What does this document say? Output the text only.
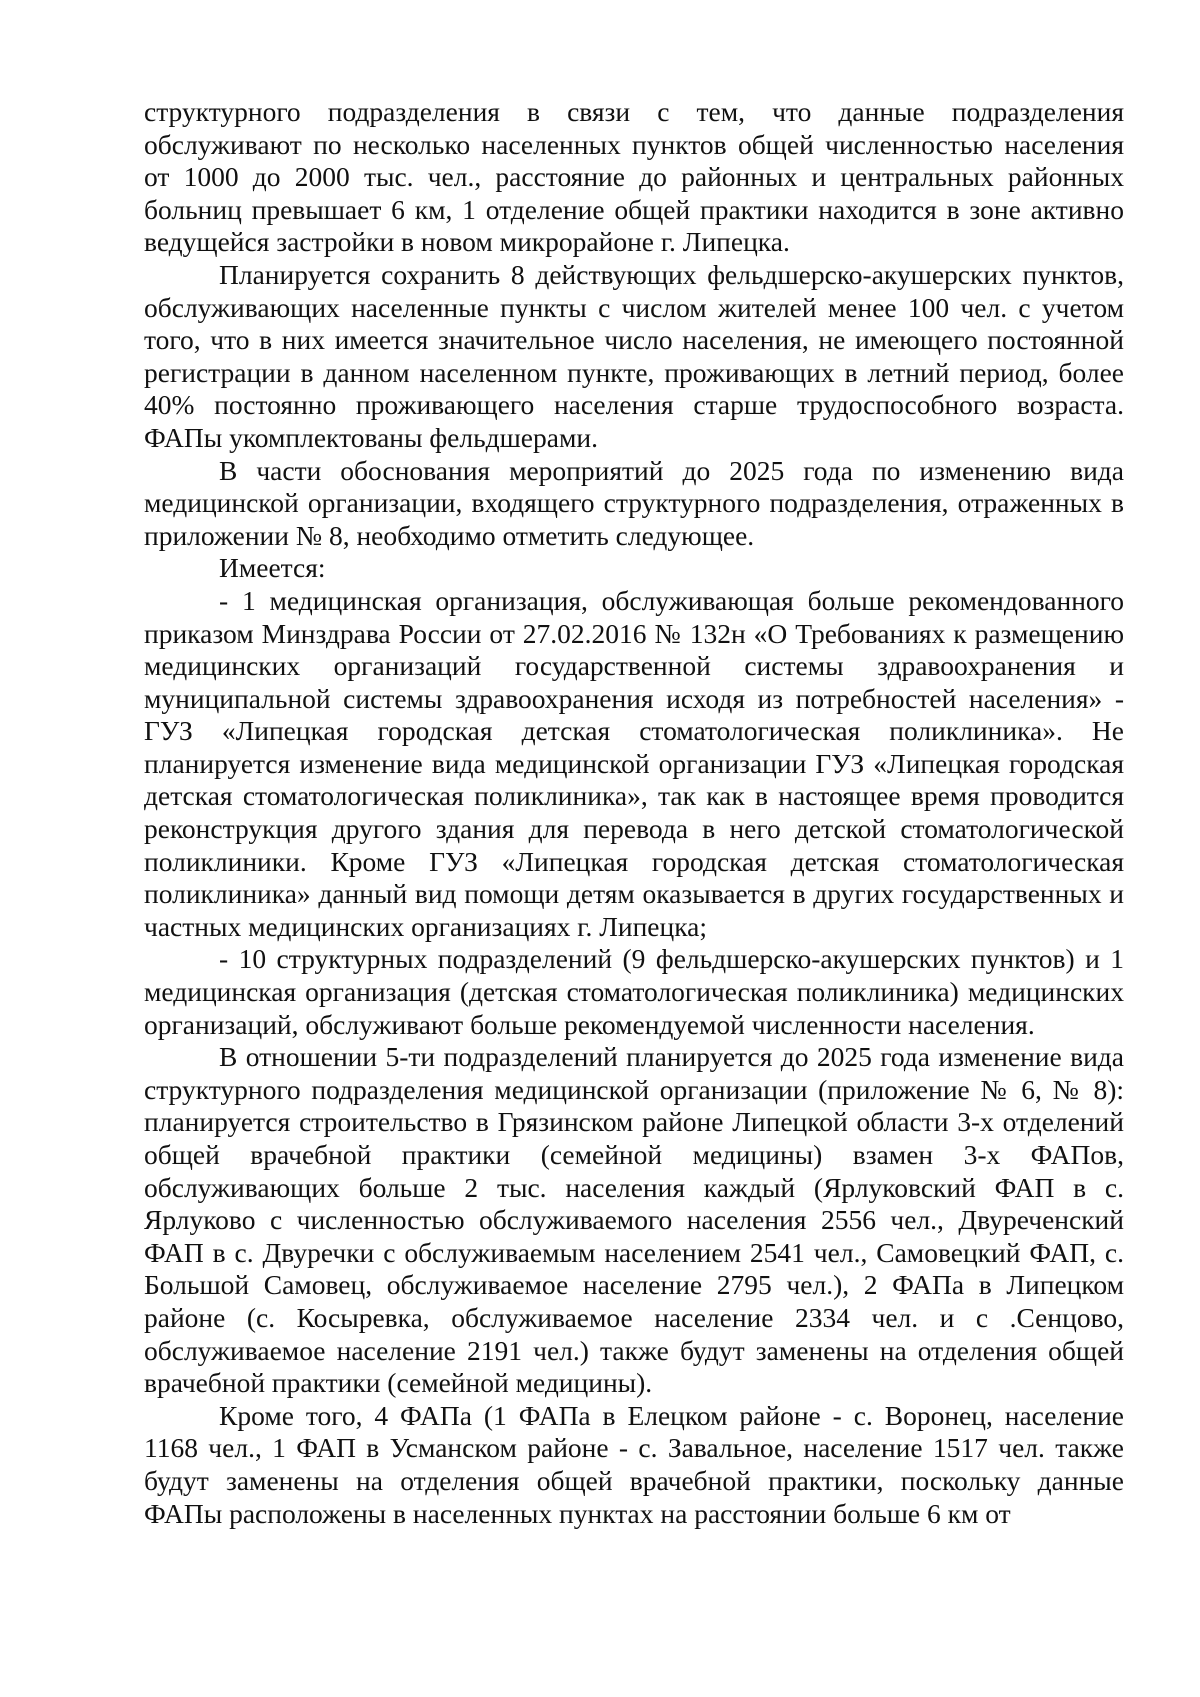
структурного подразделения в связи с тем, что данные подразделения обслуживают по несколько населенных пунктов общей численностью населения от 1000 до 2000 тыс. чел., расстояние до районных и центральных районных больниц превышает 6 км, 1 отделение общей практики находится в зоне активно ведущейся застройки в новом микрорайоне г. Липецка.

Планируется сохранить 8 действующих фельдшерско-акушерских пунктов, обслуживающих населенные пункты с числом жителей менее 100 чел. с учетом того, что в них имеется значительное число населения, не имеющего постоянной регистрации в данном населенном пункте, проживающих в летний период, более 40% постоянно проживающего населения старше трудоспособного возраста. ФАПы укомплектованы фельдшерами.

В части обоснования мероприятий до 2025 года по изменению вида медицинской организации, входящего структурного подразделения, отраженных в приложении № 8, необходимо отметить следующее.

Имеется:

- 1 медицинская организация, обслуживающая больше рекомендованного приказом Минздрава России от 27.02.2016 № 132н «О Требованиях к размещению медицинских организаций государственной системы здравоохранения и муниципальной системы здравоохранения исходя из потребностей населения» - ГУЗ «Липецкая городская детская стоматологическая поликлиника». Не планируется изменение вида медицинской организации ГУЗ «Липецкая городская детская стоматологическая поликлиника», так как в настоящее время проводится реконструкция другого здания для перевода в него детской стоматологической поликлиники. Кроме ГУЗ «Липецкая городская детская стоматологическая поликлиника» данный вид помощи детям оказывается в других государственных и частных медицинских организациях г. Липецка;

- 10 структурных подразделений (9 фельдшерско-акушерских пунктов) и 1 медицинская организация (детская стоматологическая поликлиника) медицинских организаций, обслуживают больше рекомендуемой численности населения.

В отношении 5-ти подразделений планируется до 2025 года изменение вида структурного подразделения медицинской организации (приложение № 6, № 8): планируется строительство в Грязинском районе Липецкой области 3-х отделений общей врачебной практики (семейной медицины) взамен 3-х ФАПов, обслуживающих больше 2 тыс. населения каждый (Ярлуковский ФАП в с. Ярлуково с численностью обслуживаемого населения 2556 чел., Двуреченский ФАП в с. Двуречки с обслуживаемым населением 2541 чел., Самовецкий ФАП, с. Большой Самовец, обслуживаемое население 2795 чел.), 2 ФАПа в Липецком районе (с. Косыревка, обслуживаемое население 2334 чел. и с .Сенцово, обслуживаемое население 2191 чел.) также будут заменены на отделения общей врачебной практики (семейной медицины).

Кроме того, 4 ФАПа (1 ФАПа в Елецком районе - с. Воронец, население 1168 чел., 1 ФАП в Усманском районе - с. Завальное, население 1517 чел. также будут заменены на отделения общей врачебной практики, поскольку данные ФАПы расположены в населенных пунктах на расстоянии больше 6 км от
